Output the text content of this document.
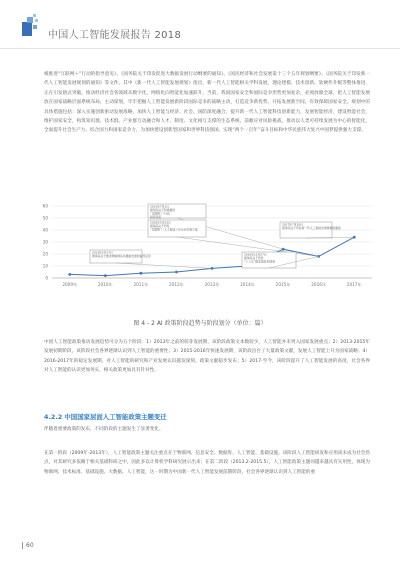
中国人工智能发展报告 2018
根推进“互联网＋”行动的指导意见》、《国务院关于印发促进大数据发展行动纲要的通知》、《国民经济和社会发展第十三个五年规划纲要》、《国务院关于印发新一代人工智能发展规划的通知》等文件。其中《新一代人工智能发展规划》指出，新一代人工智能相关学科发展、理论建模、技术创新、软硬件升级等整体推进，正在引发链式突破，推动经济社会各领域从数字化、网络化向智能化加速跃升。当前，我国国家安全和国际竞争形势更加复杂，必须放眼全球，把人工智能发展放在国家战略层面系统布局、主动谋划，牢牢把握人工智能发展新阶段国际竞争的战略主动，打造竞争新优势、开拓发展新空间，有效保障国家安全。规划中的具体措施包括：深入实施创新驱动发展战略，加快人工智能与经济、社会、国防深度融合，提升新一代人工智能科技创新能力，发展智能经济，建设智能社会，维护国家安全，构筑知识群、技术群、产业群互动融合和人才、制度、文化相互支撑的生态系统，前瞻应对风险挑战，推动以人类可持续发展为中心的智能化，全面提升社会生产力、综合国力和国家竞争力，为加快建设创新型国家和世界科技强国、实现“两个一百年”奋斗目标和中华民族伟大复兴中国梦提供强大支撑。
0
10
20
30
40
50
60
2009年	2010年	2011年	2012年	2013年	2014年	2015年	2016年	2017年
2015年7月1日
国务院关于积极推进
“互联网＋”行动
指导意见
2013年2月17日
国务院关于推进物联网有序健康发展的指导意见
2016年5月23日
国务院关于印发
“互联网＋”人工智能三年行动实施方案
2017年7月20日
国务院关于印发新一代人工智能发展规划的通知
2016年12月27日
国务院关于印发
“十三五”国家信息化规划
图 4 - 2 AI 政策阶段趋势与阶段划分（单位：篇）
中国人工智能政策推动发展趋势可分为五个阶段：1）2013年之前的萌芽发展期，该阶段政策文本数较少，人工智能并未列入国家发展重点；2）2013-2015年发展初期阶段，该阶段社会各界逐渐认识到人工智能的重要性；3）2015-2016年快速发展期，该阶段出台了大量政策文献，发展人工智能上升为国家战略；4）2016-2017年的稳定发展期，对人工智能的研究和产业发展认识越发深刻，政策文献稳步发布；5）2017-至今，该阶段提升了人工智能发展的高度，社会各界对人工智能的认识更加务实，相关政策更加具有针对性。
4.2.2 中国国家层面人工智能政策主题变迁
伴随着重要政策的发布，不同阶段的主题发生了显著变化。
在第一阶段（2009年-2013年），人工智能政策主题关注重点在于物联网、信息安全、数据库、人工智能、基础设施。该阶段人工智能研发和应用尚未成为社会热点，对其研究多依赖于相关基础科研之中，因此多以计算机学科研究展示出来；在第二阶段（2013.2-2015.5），人工智能政策主题词越来越具有实用性，体现为物联网、技术标准、基础设施、大数据、人工智能，这一时期为中国新一代人工智能发展前期阶段，社会各界逐渐认识到人工智能的重
60
